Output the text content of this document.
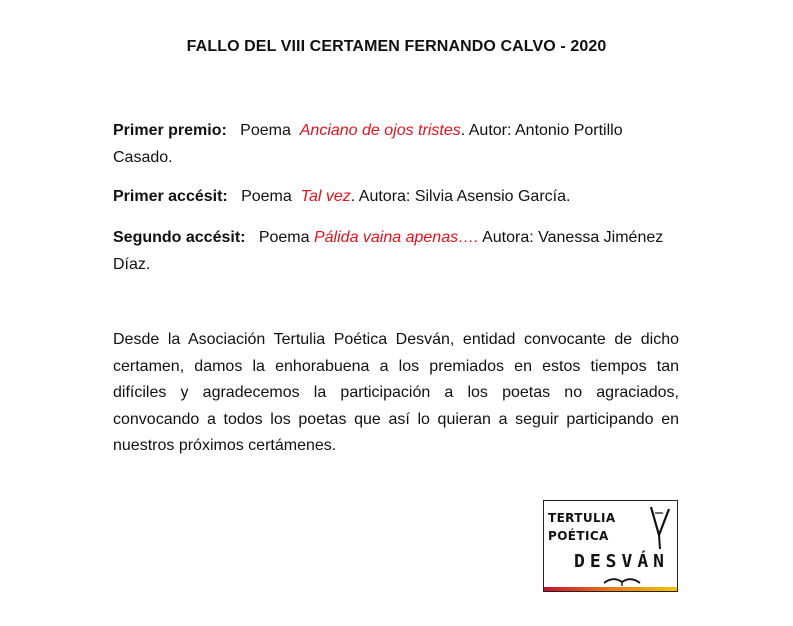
FALLO DEL VIII CERTAMEN FERNANDO CALVO - 2020
Primer premio: Poema Anciano de ojos tristes. Autor: Antonio Portillo Casado.
Primer accésit: Poema Tal vez. Autora: Silvia Asensio García.
Segundo accésit: Poema Pálida vaina apenas…. Autora: Vanessa Jiménez Díaz.
Desde la Asociación Tertulia Poética Desván, entidad convocante de dicho certamen, damos la enhorabuena a los premiados en estos tiempos tan difíciles y agradecemos la participación a los poetas no agraciados, convocando a todos los poetas que así lo quieran a seguir participando en nuestros próximos certámenes.
TERTULIA
POÉTICA
DESVÁN
